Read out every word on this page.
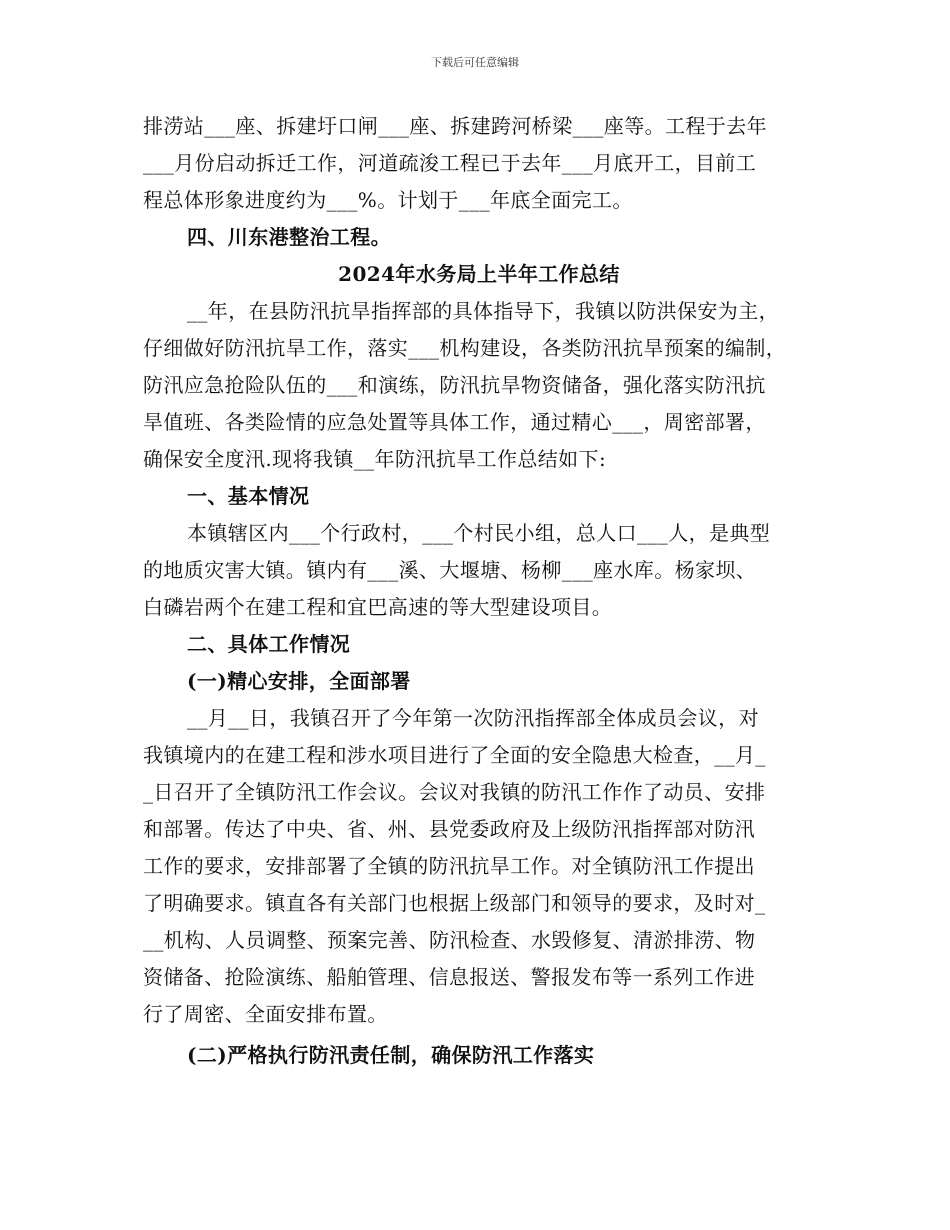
下载后可任意编辑
排涝站___座、拆建圩口闸___座、拆建跨河桥梁___座等。工程于去年
___月份启动拆迁工作，河道疏浚工程已于去年___月底开工，目前工
程总体形象进度约为___%。计划于___年底全面完工。
四、川东港整治工程。
2024年水务局上半年工作总结
__年，在县防汛抗旱指挥部的具体指导下，我镇以防洪保安为主，
仔细做好防汛抗旱工作，落实___机构建设，各类防汛抗旱预案的编制，
防汛应急抢险队伍的___和演练，防汛抗旱物资储备，强化落实防汛抗
旱值班、各类险情的应急处置等具体工作，通过精心___，周密部署，
确保安全度汛.现将我镇__年防汛抗旱工作总结如下:
一、基本情况
本镇辖区内___个行政村，___个村民小组，总人口___人，是典型
的地质灾害大镇。镇内有___溪、大堰塘、杨柳___座水库。杨家坝、
白磷岩两个在建工程和宜巴高速的等大型建设项目。
二、具体工作情况
(一)精心安排，全面部署
__月__日，我镇召开了今年第一次防汛指挥部全体成员会议，对
我镇境内的在建工程和涉水项目进行了全面的安全隐患大检查，__月_
_日召开了全镇防汛工作会议。会议对我镇的防汛工作作了动员、安排
和部署。传达了中央、省、州、县党委政府及上级防汛指挥部对防汛
工作的要求，安排部署了全镇的防汛抗旱工作。对全镇防汛工作提出
了明确要求。镇直各有关部门也根据上级部门和领导的要求，及时对_
__机构、人员调整、预案完善、防汛检查、水毁修复、清淤排涝、物
资储备、抢险演练、船舶管理、信息报送、警报发布等一系列工作进
行了周密、全面安排布置。
(二)严格执行防汛责任制，确保防汛工作落实
